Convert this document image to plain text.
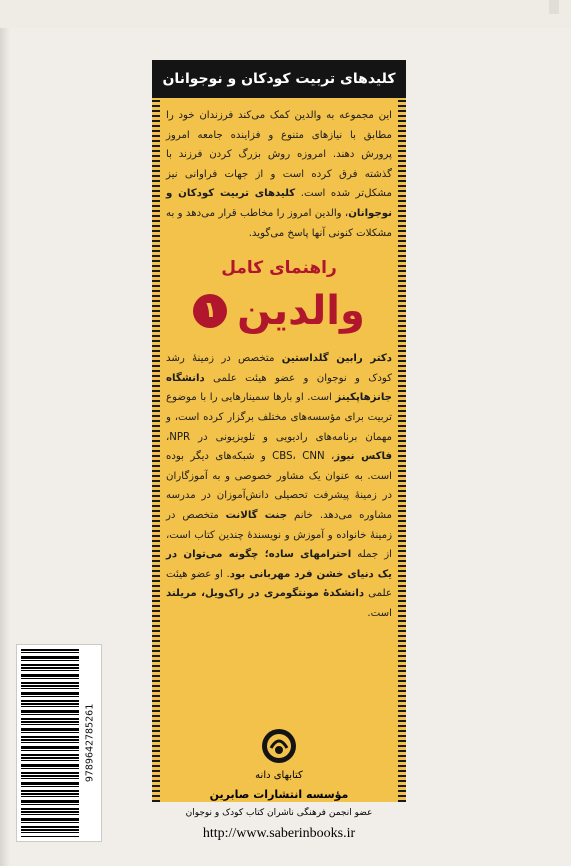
کلیدهای تربیت کودکان و نوجوانان

این مجموعه به والدین کمک می‌کند فرزندان خود را مطابق با نیازهای متنوع و فزاینده جامعه امروز پرورش دهند. امروزه روش بزرگ کردن فرزند با گذشته فرق کرده است و از جهات فراوانی نیز مشکل‌تر شده است. کلیدهای تربیت کودکان و نوجوانان، والدین امروز را مخاطب قرار می‌دهد و به مشکلات کنونی آنها پاسخ می‌گوید.

راهنمای کامل
والدین
١

دکتر رابین گلداستین متخصص در زمینهٔ رشد کودک و نوجوان و عضو هیئت علمی دانشگاه جانزهاپکینز است. او بارها سمینارهایی را با موضوع تربیت برای مؤسسه‌های مختلف برگزار کرده است، و مهمان برنامه‌های رادیویی و تلویزیونی در NPR، فاکس نیوز، CBS، CNN و شبکه‌های دیگر بوده است. به عنوان یک مشاور خصوصی و به آموزگاران در زمینهٔ پیشرفت تحصیلی دانش‌آموزان در مدرسه مشاوره می‌دهد. خانم جنت گالانت متخصص در زمینهٔ خانواده و آموزش و نویسندهٔ چندین کتاب است، از جمله احترامهای ساده؛ چگونه می‌توان در یک دنیای خشن فرد مهربانی بود. او عضو هیئت علمی دانشکدهٔ مونتگومری در راک‌ویل، مریلند است.

کتابهای دانه
مؤسسه انتشارات صابرین
عضو انجمن فرهنگی ناشران کتاب کودک و نوجوان
http://www.saberinbooks.ir
9789642785261
